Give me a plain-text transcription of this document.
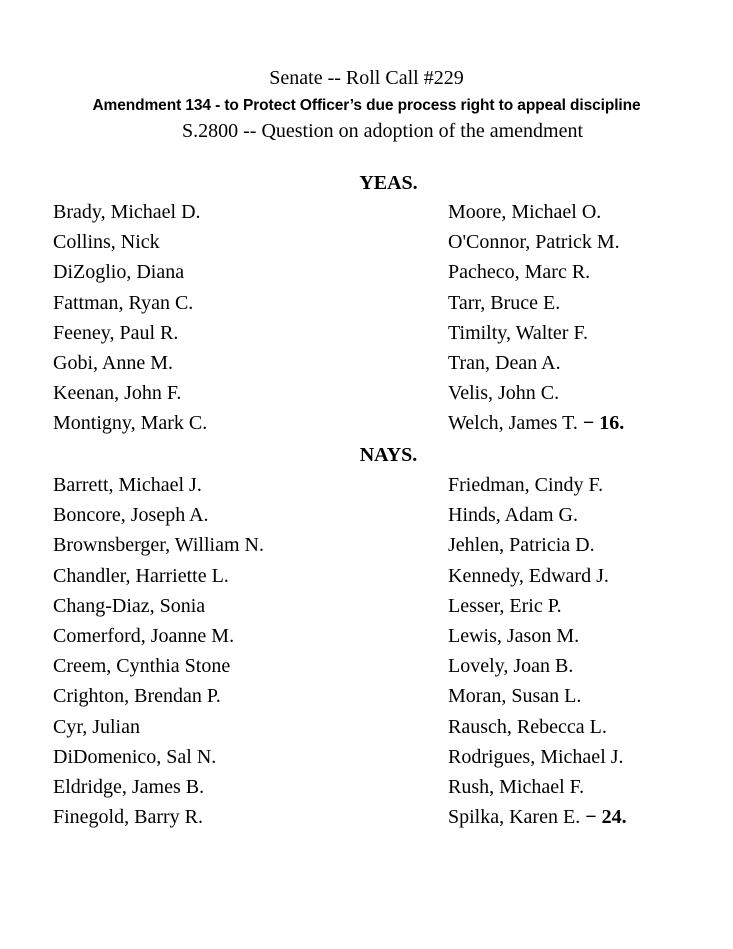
Senate -- Roll Call #229
Amendment 134 - to Protect Officer’s due process right to appeal discipline
S.2800 -- Question on adoption of the amendment
YEAS.
Brady, Michael D.
Collins, Nick
DiZoglio, Diana
Fattman, Ryan C.
Feeney, Paul R.
Gobi, Anne M.
Keenan, John F.
Montigny, Mark C.
Moore, Michael O.
O'Connor, Patrick M.
Pacheco, Marc R.
Tarr, Bruce E.
Timilty, Walter F.
Tran, Dean A.
Velis, John C.
Welch, James T. − 16.
NAYS.
Barrett, Michael J.
Boncore, Joseph A.
Brownsberger, William N.
Chandler, Harriette L.
Chang-Diaz, Sonia
Comerford, Joanne M.
Creem, Cynthia Stone
Crighton, Brendan P.
Cyr, Julian
DiDomenico, Sal N.
Eldridge, James B.
Finegold, Barry R.
Friedman, Cindy F.
Hinds, Adam G.
Jehlen, Patricia D.
Kennedy, Edward J.
Lesser, Eric P.
Lewis, Jason M.
Lovely, Joan B.
Moran, Susan L.
Rausch, Rebecca L.
Rodrigues, Michael J.
Rush, Michael F.
Spilka, Karen E. − 24.
